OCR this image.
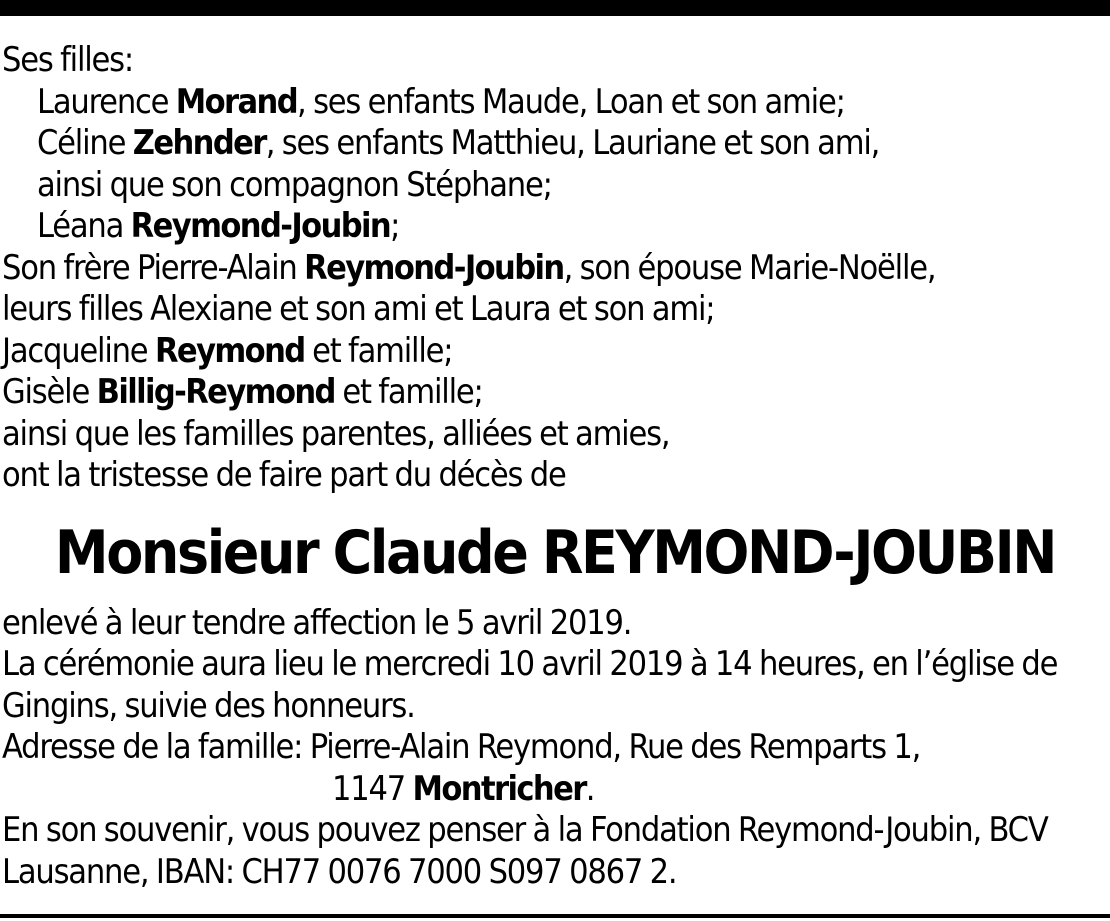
Ses filles:
Laurence Morand, ses enfants Maude, Loan et son amie;
Céline Zehnder, ses enfants Matthieu, Lauriane et son ami,
ainsi que son compagnon Stéphane;
Léana Reymond-Joubin;
Son frère Pierre-Alain Reymond-Joubin, son épouse Marie-Noëlle,
leurs filles Alexiane et son ami et Laura et son ami;
Jacqueline Reymond et famille;
Gisèle Billig-Reymond et famille;
ainsi que les familles parentes, alliées et amies,
ont la tristesse de faire part du décès de
Monsieur Claude REYMOND-JOUBIN
enlevé à leur tendre affection le 5 avril 2019.
La cérémonie aura lieu le mercredi 10 avril 2019 à 14 heures, en l’église de
Gingins, suivie des honneurs.
Adresse de la famille: Pierre-Alain Reymond, Rue des Remparts 1,
1147 Montricher.
En son souvenir, vous pouvez penser à la Fondation Reymond-Joubin, BCV
Lausanne, IBAN: CH77 0076 7000 S097 0867 2.
